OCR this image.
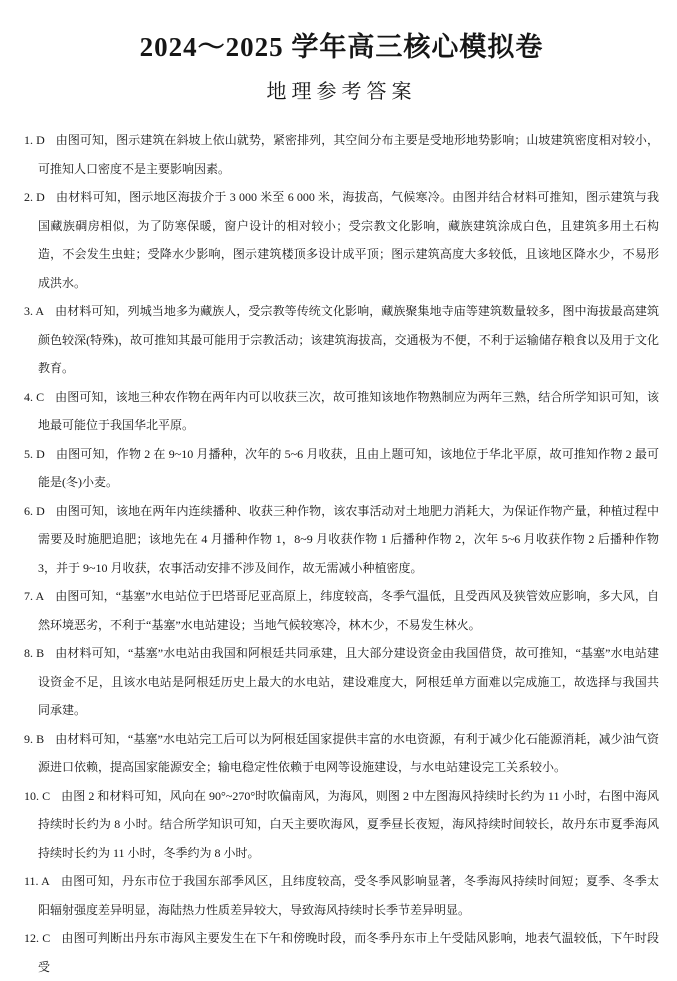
2024～2025 学年高三核心模拟卷
地理参考答案

1. D 由图可知，图示建筑在斜坡上依山就势，紧密排列，其空间分布主要是受地形地势影响；山坡建筑密度相对较小，可推知人口密度不是主要影响因素。

2. D 由材料可知，图示地区海拔介于 3 000 米至 6 000 米，海拔高，气候寒冷。由图并结合材料可推知，图示建筑与我国藏族碉房相似，为了防寒保暖，窗户设计的相对较小；受宗教文化影响，藏族建筑涂成白色，且建筑多用土石构造，不会发生虫蛀；受降水少影响，图示建筑楼顶多设计成平顶；图示建筑高度大多较低，且该地区降水少，不易形成洪水。

3. A 由材料可知，列城当地多为藏族人，受宗教等传统文化影响，藏族聚集地寺庙等建筑数量较多，图中海拔最高建筑颜色较深(特殊)，故可推知其最可能用于宗教活动；该建筑海拔高，交通极为不便，不利于运输储存粮食以及用于文化教育。

4. C 由图可知，该地三种农作物在两年内可以收获三次，故可推知该地作物熟制应为两年三熟，结合所学知识可知，该地最可能位于我国华北平原。

5. D 由图可知，作物 2 在 9~10 月播种，次年的 5~6 月收获，且由上题可知，该地位于华北平原，故可推知作物 2 最可能是(冬)小麦。

6. D 由图可知，该地在两年内连续播种、收获三种作物，该农事活动对土地肥力消耗大，为保证作物产量，种植过程中需要及时施肥追肥；该地先在 4 月播种作物 1，8~9 月收获作物 1 后播种作物 2，次年 5~6 月收获作物 2 后播种作物 3，并于 9~10 月收获，农事活动安排不涉及间作，故无需减小种植密度。

7. A 由图可知，“基塞”水电站位于巴塔哥尼亚高原上，纬度较高，冬季气温低，且受西风及狭管效应影响，多大风，自然环境恶劣，不利于“基塞”水电站建设；当地气候较寒冷，林木少，不易发生林火。

8. B 由材料可知，“基塞”水电站由我国和阿根廷共同承建，且大部分建设资金由我国借贷，故可推知，“基塞”水电站建设资金不足，且该水电站是阿根廷历史上最大的水电站，建设难度大，阿根廷单方面难以完成施工，故选择与我国共同承建。

9. B 由材料可知，“基塞”水电站完工后可以为阿根廷国家提供丰富的水电资源，有利于减少化石能源消耗，减少油气资源进口依赖，提高国家能源安全；输电稳定性依赖于电网等设施建设，与水电站建设完工关系较小。

10. C 由图 2 和材料可知，风向在 90°~270°时吹偏南风，为海风，则图 2 中左图海风持续时长约为 11 小时，右图中海风持续时长约为 8 小时。结合所学知识可知，白天主要吹海风，夏季昼长夜短，海风持续时间较长，故丹东市夏季海风持续时长约为 11 小时，冬季约为 8 小时。

11. A 由图可知，丹东市位于我国东部季风区，且纬度较高，受冬季风影响显著，冬季海风持续时间短；夏季、冬季太阳辐射强度差异明显，海陆热力性质差异较大，导致海风持续时长季节差异明显。

12. C 由图可判断出丹东市海风主要发生在下午和傍晚时段，而冬季丹东市上午受陆风影响，地表气温较低，下午时段受
